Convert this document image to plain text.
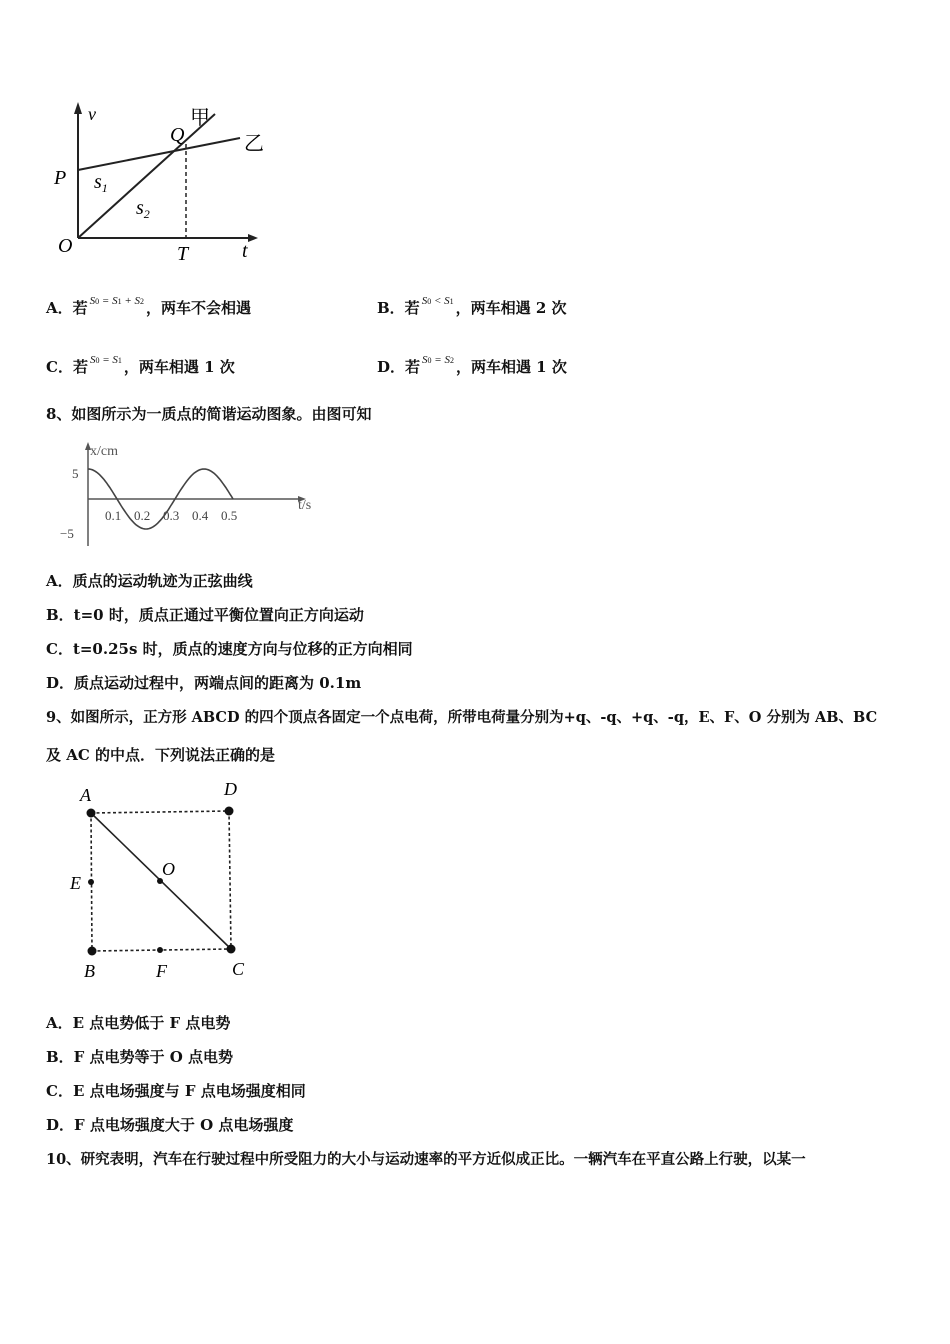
v
t
P
O
Q
T
甲
乙
$s_1$
$s_2$
A．若 $^{S0 = S1 + S2}$ ，两车不会相遇	B．若 $^{S0 < S1}$ ，两车相遇 2 次
C．若 $^{S0 = S1}$ ，两车相遇 1 次	D．若 $^{S0 = S2}$ ，两车相遇 1 次
8、如图所示为一质点的简谐运动图象。由图可知
x/cm
t/s
5
−5
0.1 0.2 0.3 0.4 0.5
A．质点的运动轨迹为正弦曲线
B．t=0 时，质点正通过平衡位置向正方向运动
C．t=0.25s 时，质点的速度方向与位移的正方向相同
D．质点运动过程中，两端点间的距离为 0.1m
9、如图所示，正方形 ABCD 的四个顶点各固定一个点电荷，所带电荷量分别为+q、-q、+q、-q，E、F、O 分别为 AB、BC
及 AC 的中点．下列说法正确的是
A	D
B	C
E
F
O
A．E 点电势低于 F 点电势
B．F 点电势等于 O 点电势
C．E 点电场强度与 F 点电场强度相同
D．F 点电场强度大于 O 点电场强度
10、研究表明，汽车在行驶过程中所受阻力的大小与运动速率的平方近似成正比。一辆汽车在平直公路上行驶，以某一
